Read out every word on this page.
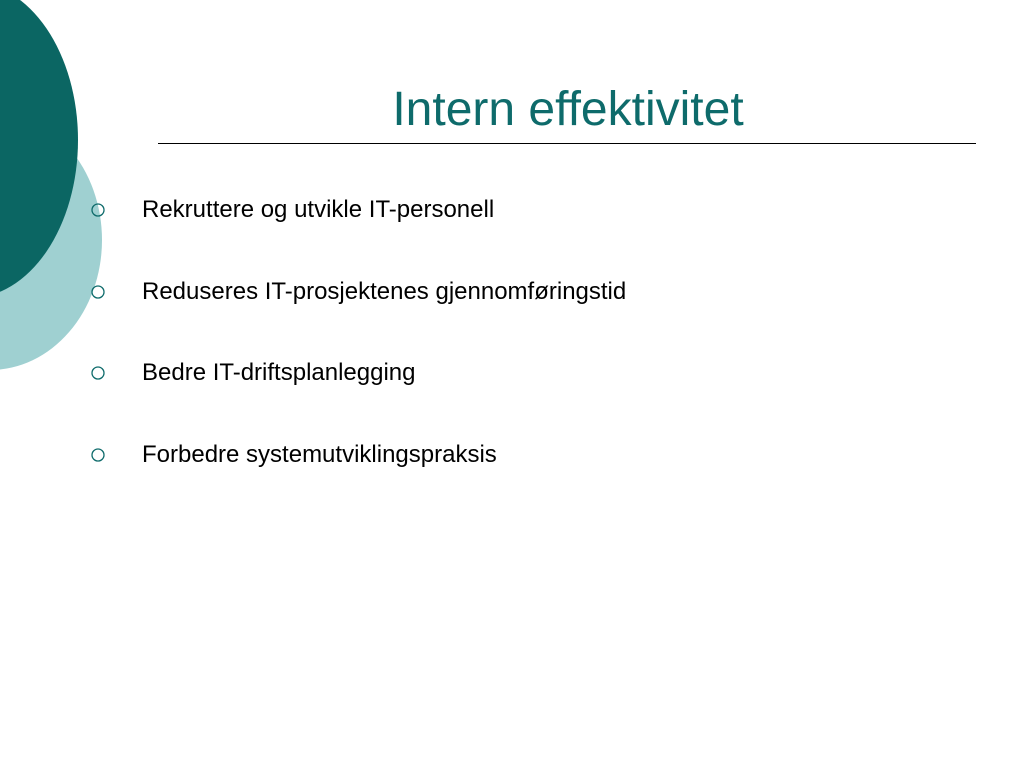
Intern effektivitet
Rekruttere og utvikle IT-personell
Reduseres IT-prosjektenes gjennomføringstid
Bedre IT-driftsplanlegging
Forbedre systemutviklingspraksis
